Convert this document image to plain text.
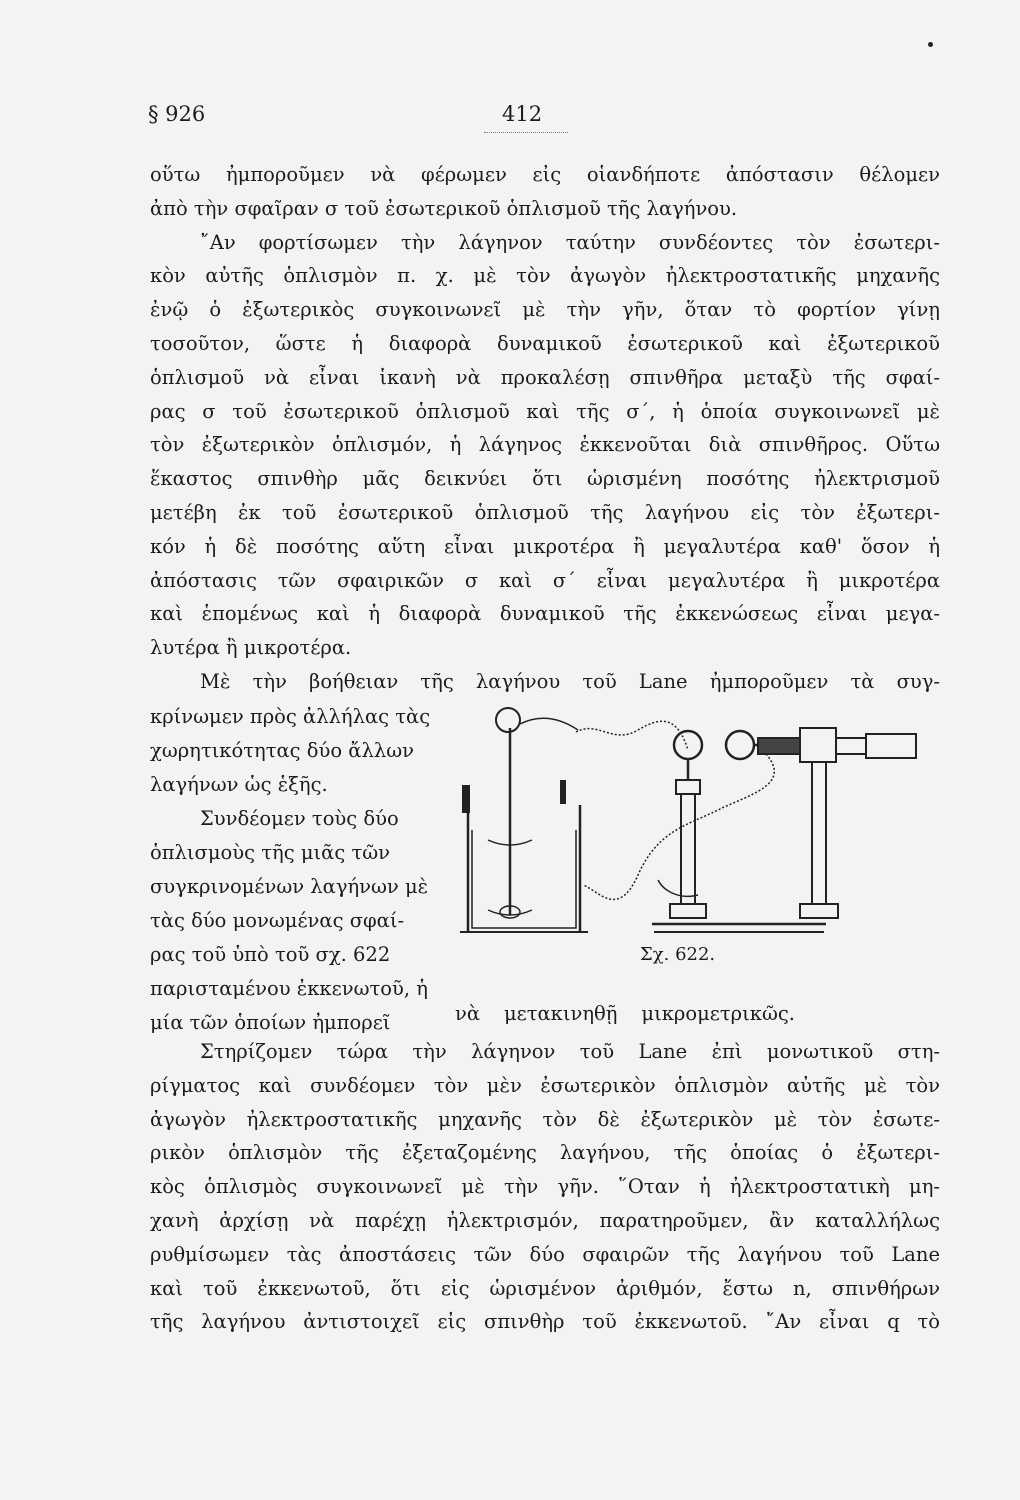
§ 926	412
οὕτω ἠμποροῦμεν νὰ φέρωμεν εἰς οἱανδήποτε ἀπόστασιν θέλομεν
ἀπὸ τὴν σφαῖραν σ τοῦ ἐσωτερικοῦ ὁπλισμοῦ τῆς λαγήνου.
῎Αν φορτίσωμεν τὴν λάγηνον ταύτην συνδέοντες τὸν ἐσωτερι-
κὸν αὐτῆς ὁπλισμὸν π. χ. μὲ τὸν ἀγωγὸν ἠλεκτροστατικῆς μηχανῆς
ἐνῷ ὁ ἐξωτερικὸς συγκοινωνεῖ μὲ τὴν γῆν, ὅταν τὸ φορτίον γίνῃ
τοσοῦτον, ὥστε ἡ διαφορὰ δυναμικοῦ ἐσωτερικοῦ καὶ ἐξωτερικοῦ
ὁπλισμοῦ νὰ εἶναι ἱκανὴ νὰ προκαλέσῃ σπινθῆρα μεταξὺ τῆς σφαί-
ρας σ τοῦ ἐσωτερικοῦ ὁπλισμοῦ καὶ τῆς σ΄, ἡ ὁποία συγκοινωνεῖ μὲ
τὸν ἐξωτερικὸν ὁπλισμόν, ἡ λάγηνος ἐκκενοῦται διὰ σπινθῆρος. Οὕτω
ἕκαστος σπινθὴρ μᾶς δεικνύει ὅτι ὡρισμένη ποσότης ἠλεκτρισμοῦ
μετέβη ἐκ τοῦ ἐσωτερικοῦ ὁπλισμοῦ τῆς λαγήνου εἰς τὸν ἐξωτερι-
κόν ἡ δὲ ποσότης αὕτη εἶναι μικροτέρα ἢ μεγαλυτέρα καθ' ὅσον ἡ
ἀπόστασις τῶν σφαιρικῶν σ καὶ σ΄ εἶναι μεγαλυτέρα ἢ μικροτέρα
καὶ ἑπομένως καὶ ἡ διαφορὰ δυναμικοῦ τῆς ἐκκενώσεως εἶναι μεγα-
λυτέρα ἢ μικροτέρα.
Μὲ τὴν βοήθειαν τῆς λαγήνου τοῦ Lane ἠμποροῦμεν τὰ συγ-
κρίνωμεν πρὸς ἀλλήλας τὰς
χωρητικότητας δύο ἄλλων
λαγήνων ὡς ἑξῆς.
Συνδέομεν τοὺς δύο
ὁπλισμοὺς τῆς μιᾶς τῶν
συγκρινομένων λαγήνων μὲ
τὰς δύο μονωμένας σφαί-
ρας τοῦ ὑπὸ τοῦ σχ. 622
παρισταμένου ἐκκενωτοῦ, ἡ
μία τῶν ὁποίων ἠμπορεῖ	νὰ μετακινηθῇ μικρομετρικῶς.
Σχ. 622.
Στηρίζομεν τώρα τὴν λάγηνον τοῦ Lane ἐπὶ μονωτικοῦ στη-
ρίγματος καὶ συνδέομεν τὸν μὲν ἐσωτερικὸν ὁπλισμὸν αὐτῆς μὲ τὸν
ἀγωγὸν ἠλεκτροστατικῆς μηχανῆς τὸν δὲ ἐξωτερικὸν μὲ τὸν ἐσωτε-
ρικὸν ὁπλισμὸν τῆς ἐξεταζομένης λαγήνου, τῆς ὁποίας ὁ ἐξωτερι-
κὸς ὁπλισμὸς συγκοινωνεῖ μὲ τὴν γῆν. ῞Οταν ἡ ἠλεκτροστατικὴ μη-
χανὴ ἀρχίσῃ νὰ παρέχῃ ἠλεκτρισμόν, παρατηροῦμεν, ἂν καταλλήλως
ρυθμίσωμεν τὰς ἀποστάσεις τῶν δύο σφαιρῶν τῆς λαγήνου τοῦ Lane
καὶ τοῦ ἐκκενωτοῦ, ὅτι εἰς ὡρισμένον ἀριθμόν, ἔστω n, σπινθήρων
τῆς λαγήνου ἀντιστοιχεῖ εἰς σπινθὴρ τοῦ ἐκκενωτοῦ. ῎Αν εἶναι q τὸ
